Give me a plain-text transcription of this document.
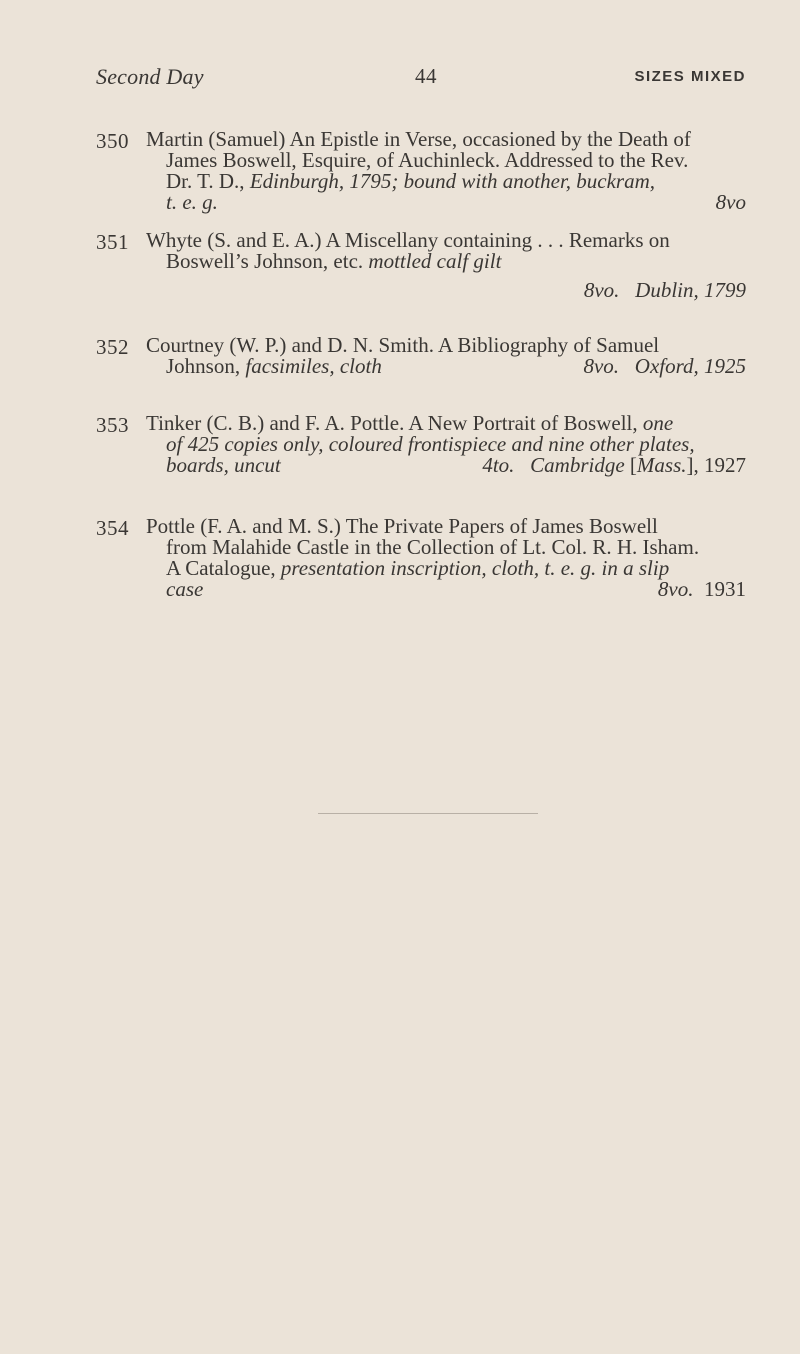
Second Day	44	SIZES MIXED
350 Martin (Samuel) An Epistle in Verse, occasioned by the Death of
James Boswell, Esquire, of Auchinleck. Addressed to the Rev.
Dr. T. D., Edinburgh, 1795; bound with another, buckram,
t. e. g.	8vo
351 Whyte (S. and E. A.) A Miscellany containing . . . Remarks on
Boswell’s Johnson, etc. mottled calf gilt
8vo. Dublin, 1799
352 Courtney (W. P.) and D. N. Smith. A Bibliography of Samuel
Johnson, facsimiles, cloth	8vo. Oxford, 1925
353 Tinker (C. B.) and F. A. Pottle. A New Portrait of Boswell, one
of 425 copies only, coloured frontispiece and nine other plates,
boards, uncut	4to. Cambridge [Mass.], 1927
354 Pottle (F. A. and M. S.) The Private Papers of James Boswell
from Malahide Castle in the Collection of Lt. Col. R. H. Isham.
A Catalogue, presentation inscription, cloth, t. e. g. in a slip
case	8vo. 1931
